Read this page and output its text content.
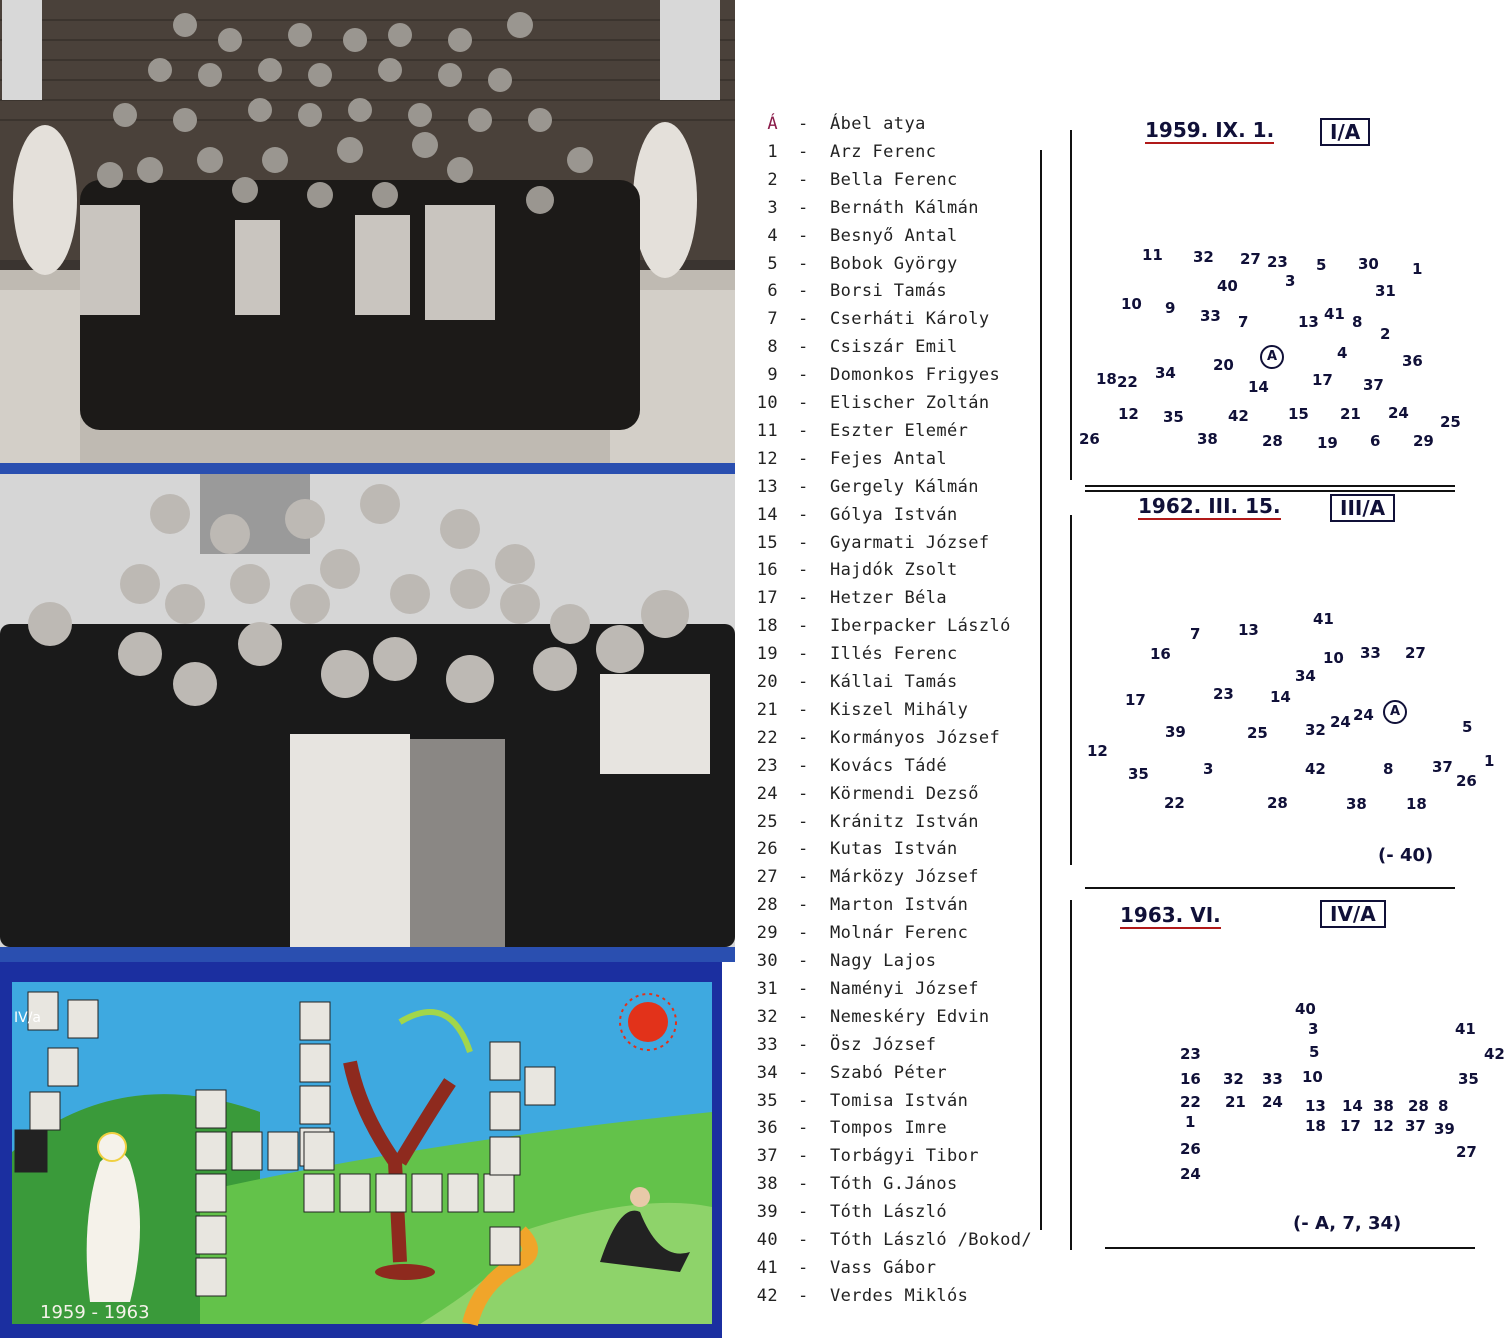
IV/a
1959 - 1963
Á - Ábel atya
1 - Arz Ferenc
2 - Bella Ferenc
3 - Bernáth Kálmán
4 - Besnyő Antal
5 - Bobok György
6 - Borsi Tamás
7 - Cserháti Károly
8 - Csiszár Emil
9 - Domonkos Frigyes
10 - Elischer Zoltán
11 - Eszter Elemér
12 - Fejes Antal
13 - Gergely Kálmán
14 - Gólya István
15 - Gyarmati József
16 - Hajdók Zsolt
17 - Hetzer Béla
18 - Iberpacker László
19 - Illés Ferenc
20 - Kállai Tamás
21 - Kiszel Mihály
22 - Kormányos József
23 - Kovács Tádé
24 - Körmendi Dezső
25 - Kránitz István
26 - Kutas István
27 - Márközy József
28 - Marton István
29 - Molnár Ferenc
30 - Nagy Lajos
31 - Naményi József
32 - Nemeskéry Edvin
33 - Ösz József
34 - Szabó Péter
35 - Tomisa István
36 - Tompos Imre
37 - Torbágyi Tibor
38 - Tóth G.János
39 - Tóth László
40 - Tóth László /Bokod/
41 - Vass Gábor
42 - Verdes Miklós
1959. IX. 1.	I/A
11 32 27 23 5 30 1
40	3
31
10 9 33 7	13 41 8
2
A	4	36
18 22 34 20
14	17 37
12 35	42	15 21 24 25
26	38	28 19 6 29
1962. III. 15.	III/A
(- 40)
41
7	13
16	10 33 27
34
17	23 14
A
24
39	25 32 24	5
12
35	3	42	8	37
26
1
22	28	38	18
1963. VI.	IV/A
(- A, 7, 34)
40
3	41
42
5
23
16 32 33 10	35
22 21 24 13 14 38 28 8
1	18 17 12 37 39
26	27
24
